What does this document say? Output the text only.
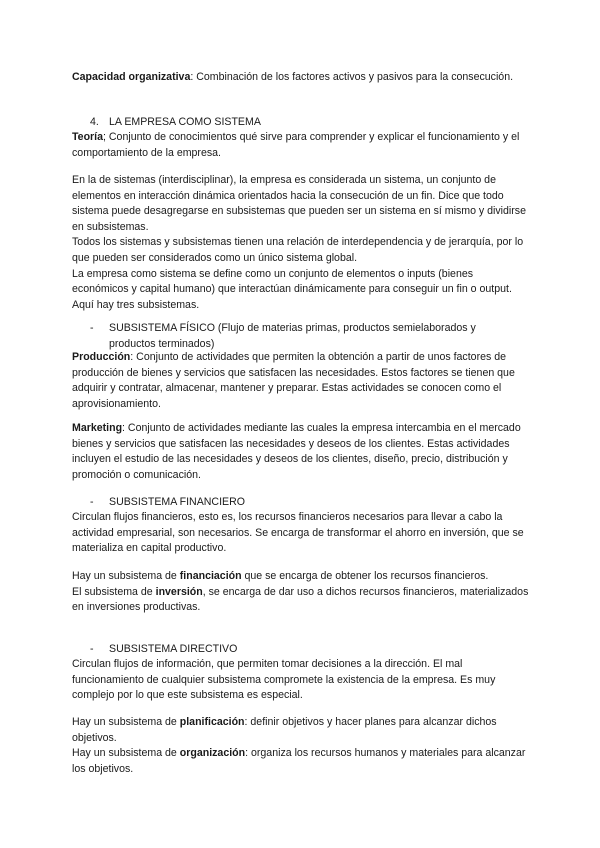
Capacidad organizativa: Combinación de los factores activos y pasivos para la consecución.

4. LA EMPRESA COMO SISTEMA

Teoría; Conjunto de conocimientos qué sirve para comprender y explicar el funcionamiento y el comportamiento de la empresa.

En la de sistemas (interdisciplinar), la empresa es considerada un sistema, un conjunto de elementos en interacción dinámica orientados hacia la consecución de un fin. Dice que todo sistema puede desagregarse en subsistemas que pueden ser un sistema en sí mismo y dividirse en subsistemas.

Todos los sistemas y subsistemas tienen una relación de interdependencia y de jerarquía, por lo que pueden ser considerados como un único sistema global.

La empresa como sistema se define como un conjunto de elementos o inputs (bienes económicos y capital humano) que interactúan dinámicamente para conseguir un fin o output. Aquí hay tres subsistemas.

- SUBSISTEMA FÍSICO (Flujo de materias primas, productos semielaborados y productos terminados)

Producción: Conjunto de actividades que permiten la obtención a partir de unos factores de producción de bienes y servicios que satisfacen las necesidades. Estos factores se tienen que adquirir y contratar, almacenar, mantener y preparar. Estas actividades se conocen como el aprovisionamiento.

Marketing: Conjunto de actividades mediante las cuales la empresa intercambia en el mercado bienes y servicios que satisfacen las necesidades y deseos de los clientes. Estas actividades incluyen el estudio de las necesidades y deseos de los clientes, diseño, precio, distribución y promoción o comunicación.

- SUBSISTEMA FINANCIERO

Circulan flujos financieros, esto es, los recursos financieros necesarios para llevar a cabo la actividad empresarial, son necesarios. Se encarga de transformar el ahorro en inversión, que se materializa en capital productivo.

Hay un subsistema de financiación que se encarga de obtener los recursos financieros.

El subsistema de inversión, se encarga de dar uso a dichos recursos financieros, materializados en inversiones productivas.

- SUBSISTEMA DIRECTIVO

Circulan flujos de información, que permiten tomar decisiones a la dirección. El mal funcionamiento de cualquier subsistema compromete la existencia de la empresa. Es muy complejo por lo que este subsistema es especial.

Hay un subsistema de planificación: definir objetivos y hacer planes para alcanzar dichos objetivos.

Hay un subsistema de organización: organiza los recursos humanos y materiales para alcanzar los objetivos.
